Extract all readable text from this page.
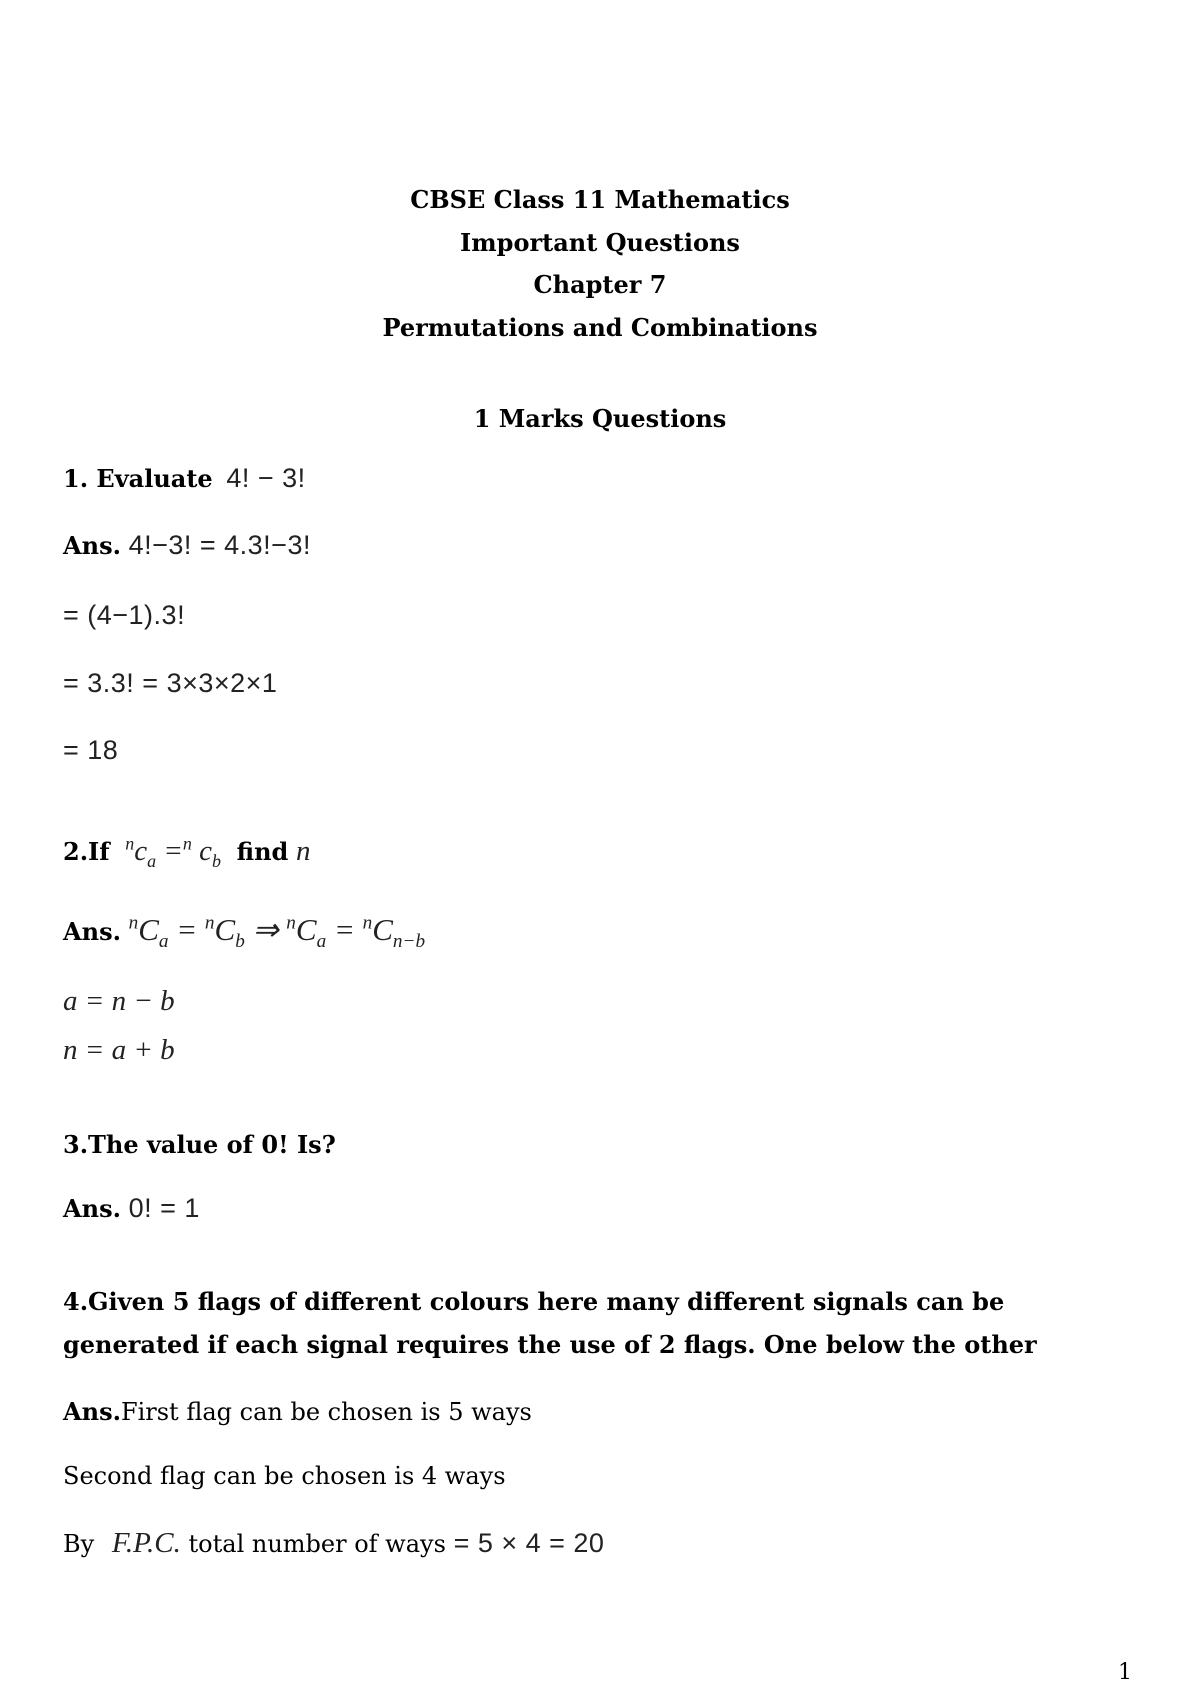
CBSE Class 11 Mathematics
Important Questions
Chapter 7
Permutations and Combinations
1 Marks Questions
1. Evaluate 4! − 3!
Ans. 4!−3! = 4.3!−3!
= (4−1).3!
= 3.3! = 3×3×2×1
= 18
2.If $^nc_a =^n$ $c_b$ find n
Ans. $^nC_a = ^nC_b$ ⇒ $^nC_a = ^nC_{n-b}$
a = n − b
n = a + b
3.The value of 0! Is?
Ans. 0! = 1
4.Given 5 flags of different colours here many different signals can be generated if each signal requires the use of 2 flags. One below the other
Ans.First flag can be chosen is 5 ways
Second flag can be chosen is 4 ways
By F.P.C. total number of ways = 5 × 4 = 20
1
